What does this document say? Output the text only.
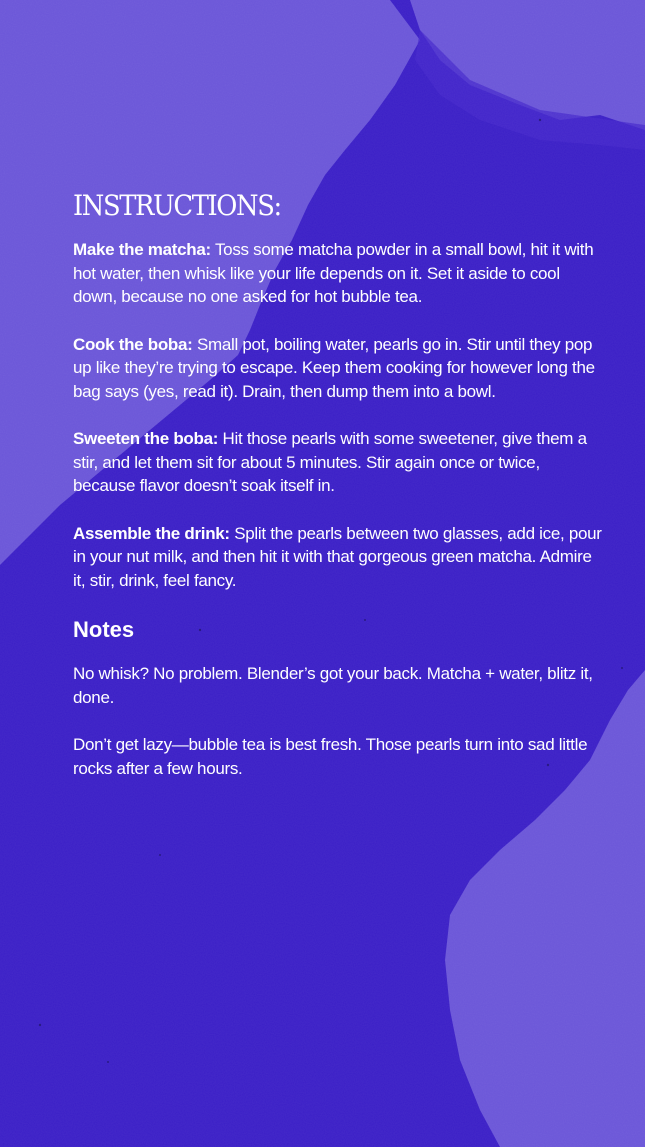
INSTRUCTIONS:

Make the matcha: Toss some matcha powder in a small bowl, hit it with hot water, then whisk like your life depends on it. Set it aside to cool down, because no one asked for hot bubble tea.

Cook the boba: Small pot, boiling water, pearls go in. Stir until they pop up like they’re trying to escape. Keep them cooking for however long the bag says (yes, read it). Drain, then dump them into a bowl.

Sweeten the boba: Hit those pearls with some sweetener, give them a stir, and let them sit for about 5 minutes. Stir again once or twice, because flavor doesn’t soak itself in.

Assemble the drink: Split the pearls between two glasses, add ice, pour in your nut milk, and then hit it with that gorgeous green matcha. Admire it, stir, drink, feel fancy.

Notes

No whisk? No problem. Blender’s got your back. Matcha + water, blitz it, done.

Don’t get lazy—bubble tea is best fresh. Those pearls turn into sad little rocks after a few hours.
